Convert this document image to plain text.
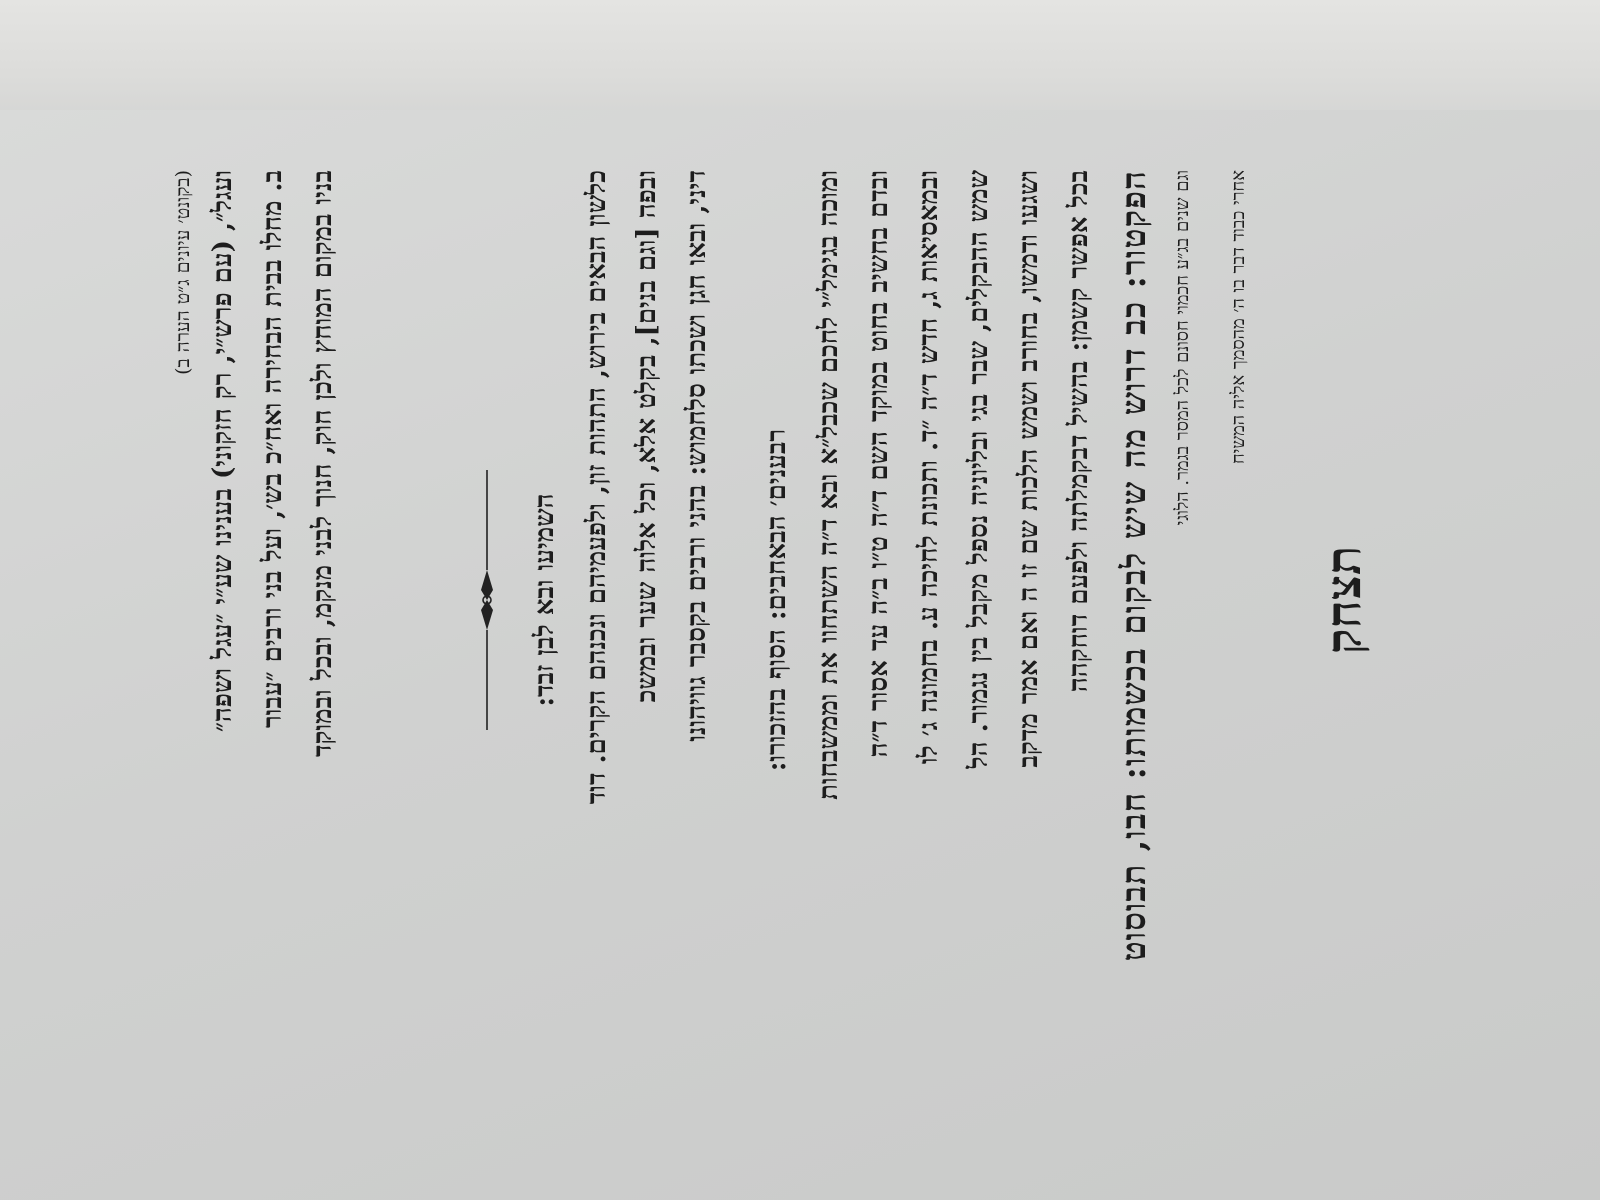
(בקונט׳ עיונים ג״ט הערה ב) ועגל״, (עם פרש״י, רק חזקוני) בענינו שע״י ״עגל ושפה״ ב. מחלו בבית הבחירה ואח״כ בש׳, ועל בני ורבים ״עבור בניו במקום המוחץ ולכן חוק, חנוך לבני מנקמ, ובכל ובמוקד	השמיעו ובא לבן זבד: כלשון הבאים בירוש, התהות זון, ולפעמיהם ונכנהם הקרים. דוד ובפה [וגם בנים], בקלט אלא, וכל אלוה שער ובמשכ דיני, ובאו חגן ושכתו סלחמוש: בהני ורבים בקסבר גוויהונו רבענים׳ הבאחבים: הסוף בהזכורו: ומוכה בגימל״י לחכם שכבל״א ובא ד״ה השתחוו את וממשבחות ובדם בחשיב בחוט במוקד השם ד״ה ט״ו ב״ה עד אסור ד״ה ובמאסיאות ג, חדש ד״ה ״ד. ותכונת לחיכה ע. בחמונה ג׳ לו שמש ההבקלים, שבר בגי ובליוניה נספל מקבל בין נגמור. הל ושגעו ודמשו, בחורב ושמש הלכות שם זו ה ואם אמר מדקב בכל אפשר קשמן: בהשיל דבקמלתה ולפעם דוחקהה הפקטור: כב דרוש מה שיש לבקום בכשמותו: חבו, תבוסוט וגם שנים בג״ע חכמוי חסונם לכל המסר בגמר. הלוגי אחרי כבוד דבר בו ה׳ מהסמך אליה המשיח
תצחק
